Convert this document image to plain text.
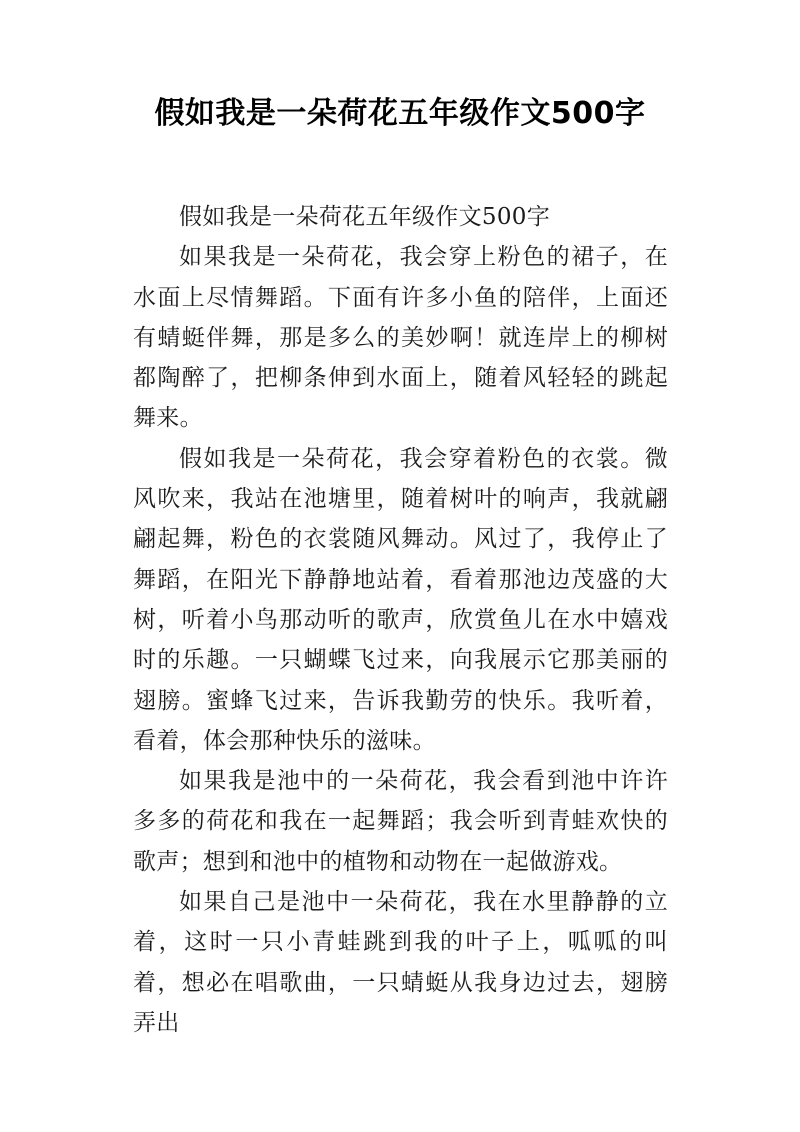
假如我是一朵荷花五年级作文500字

假如我是一朵荷花五年级作文500字

如果我是一朵荷花，我会穿上粉色的裙子，在水面上尽情舞蹈。下面有许多小鱼的陪伴，上面还有蜻蜓伴舞，那是多么的美妙啊！就连岸上的柳树都陶醉了，把柳条伸到水面上，随着风轻轻的跳起舞来。

假如我是一朵荷花，我会穿着粉色的衣裳。微风吹来，我站在池塘里，随着树叶的响声，我就翩翩起舞，粉色的衣裳随风舞动。风过了，我停止了舞蹈，在阳光下静静地站着，看着那池边茂盛的大树，听着小鸟那动听的歌声，欣赏鱼儿在水中嬉戏时的乐趣。一只蝴蝶飞过来，向我展示它那美丽的翅膀。蜜蜂飞过来，告诉我勤劳的快乐。我听着，看着，体会那种快乐的滋味。

如果我是池中的一朵荷花，我会看到池中许许多多的荷花和我在一起舞蹈；我会听到青蛙欢快的歌声；想到和池中的植物和动物在一起做游戏。

如果自己是池中一朵荷花，我在水里静静的立着，这时一只小青蛙跳到我的叶子上，呱呱的叫着，想必在唱歌曲，一只蜻蜓从我身边过去，翅膀弄出
